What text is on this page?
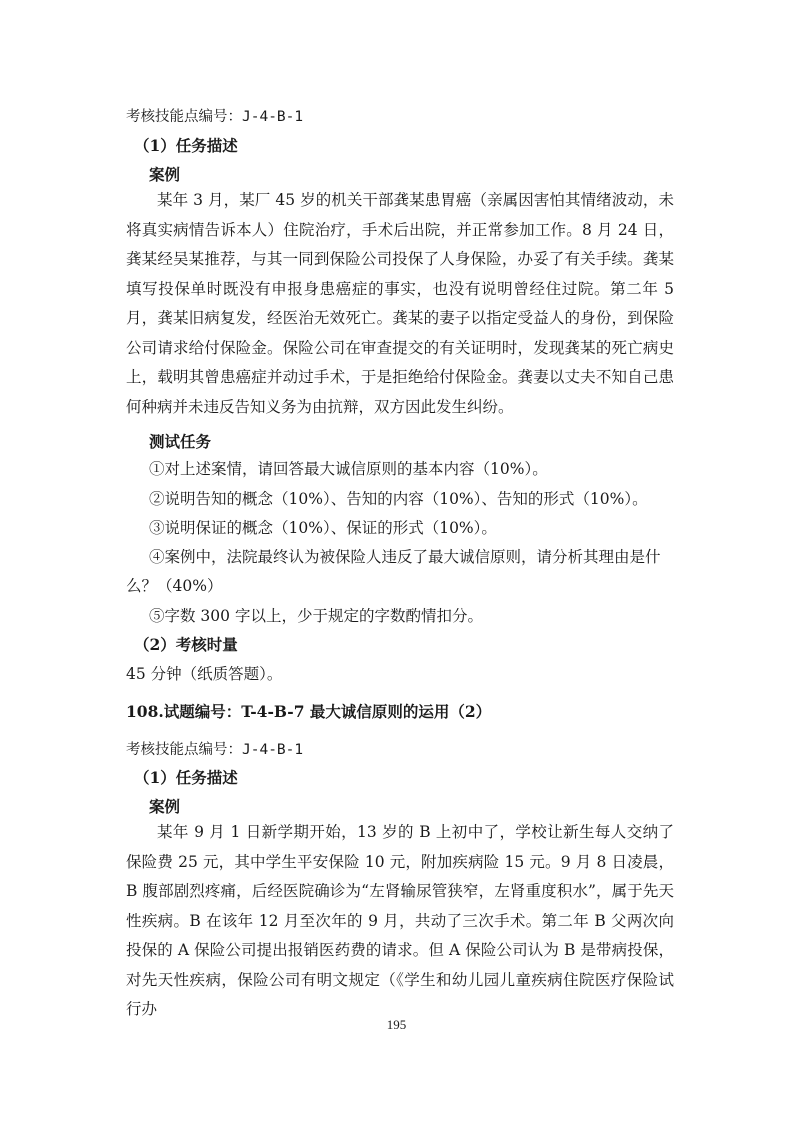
考核技能点编号：J-4-B-1
（1）任务描述
案例
某年 3 月，某厂 45 岁的机关干部龚某患胃癌（亲属因害怕其情绪波动，未将真实病情告诉本人）住院治疗，手术后出院，并正常参加工作。8 月 24 日，龚某经吴某推荐，与其一同到保险公司投保了人身保险，办妥了有关手续。龚某填写投保单时既没有申报身患癌症的事实，也没有说明曾经住过院。第二年 5 月，龚某旧病复发，经医治无效死亡。龚某的妻子以指定受益人的身份，到保险公司请求给付保险金。保险公司在审查提交的有关证明时，发现龚某的死亡病史上，载明其曾患癌症并动过手术，于是拒绝给付保险金。龚妻以丈夫不知自己患何种病并未违反告知义务为由抗辩，双方因此发生纠纷。
测试任务
①对上述案情，请回答最大诚信原则的基本内容（10%）。
②说明告知的概念（10%）、告知的内容（10%）、告知的形式（10%）。
③说明保证的概念（10%）、保证的形式（10%）。
④案例中，法院最终认为被保险人违反了最大诚信原则，请分析其理由是什
么？（40%）
⑤字数 300 字以上，少于规定的字数酌情扣分。
（2）考核时量
45 分钟（纸质答题）。
108.试题编号：T-4-B-7 最大诚信原则的运用（2）
考核技能点编号：J-4-B-1
（1）任务描述
案例
某年 9 月 1 日新学期开始，13 岁的 B 上初中了，学校让新生每人交纳了保险费 25 元，其中学生平安保险 10 元，附加疾病险 15 元。9 月 8 日凌晨，B 腹部剧烈疼痛，后经医院确诊为“左肾输尿管狭窄，左肾重度积水”，属于先天性疾病。B 在该年 12 月至次年的 9 月，共动了三次手术。第二年 B 父两次向投保的 A 保险公司提出报销医药费的请求。但 A 保险公司认为 B 是带病投保，对先天性疾病，保险公司有明文规定（《学生和幼儿园儿童疾病住院医疗保险试行办
195
